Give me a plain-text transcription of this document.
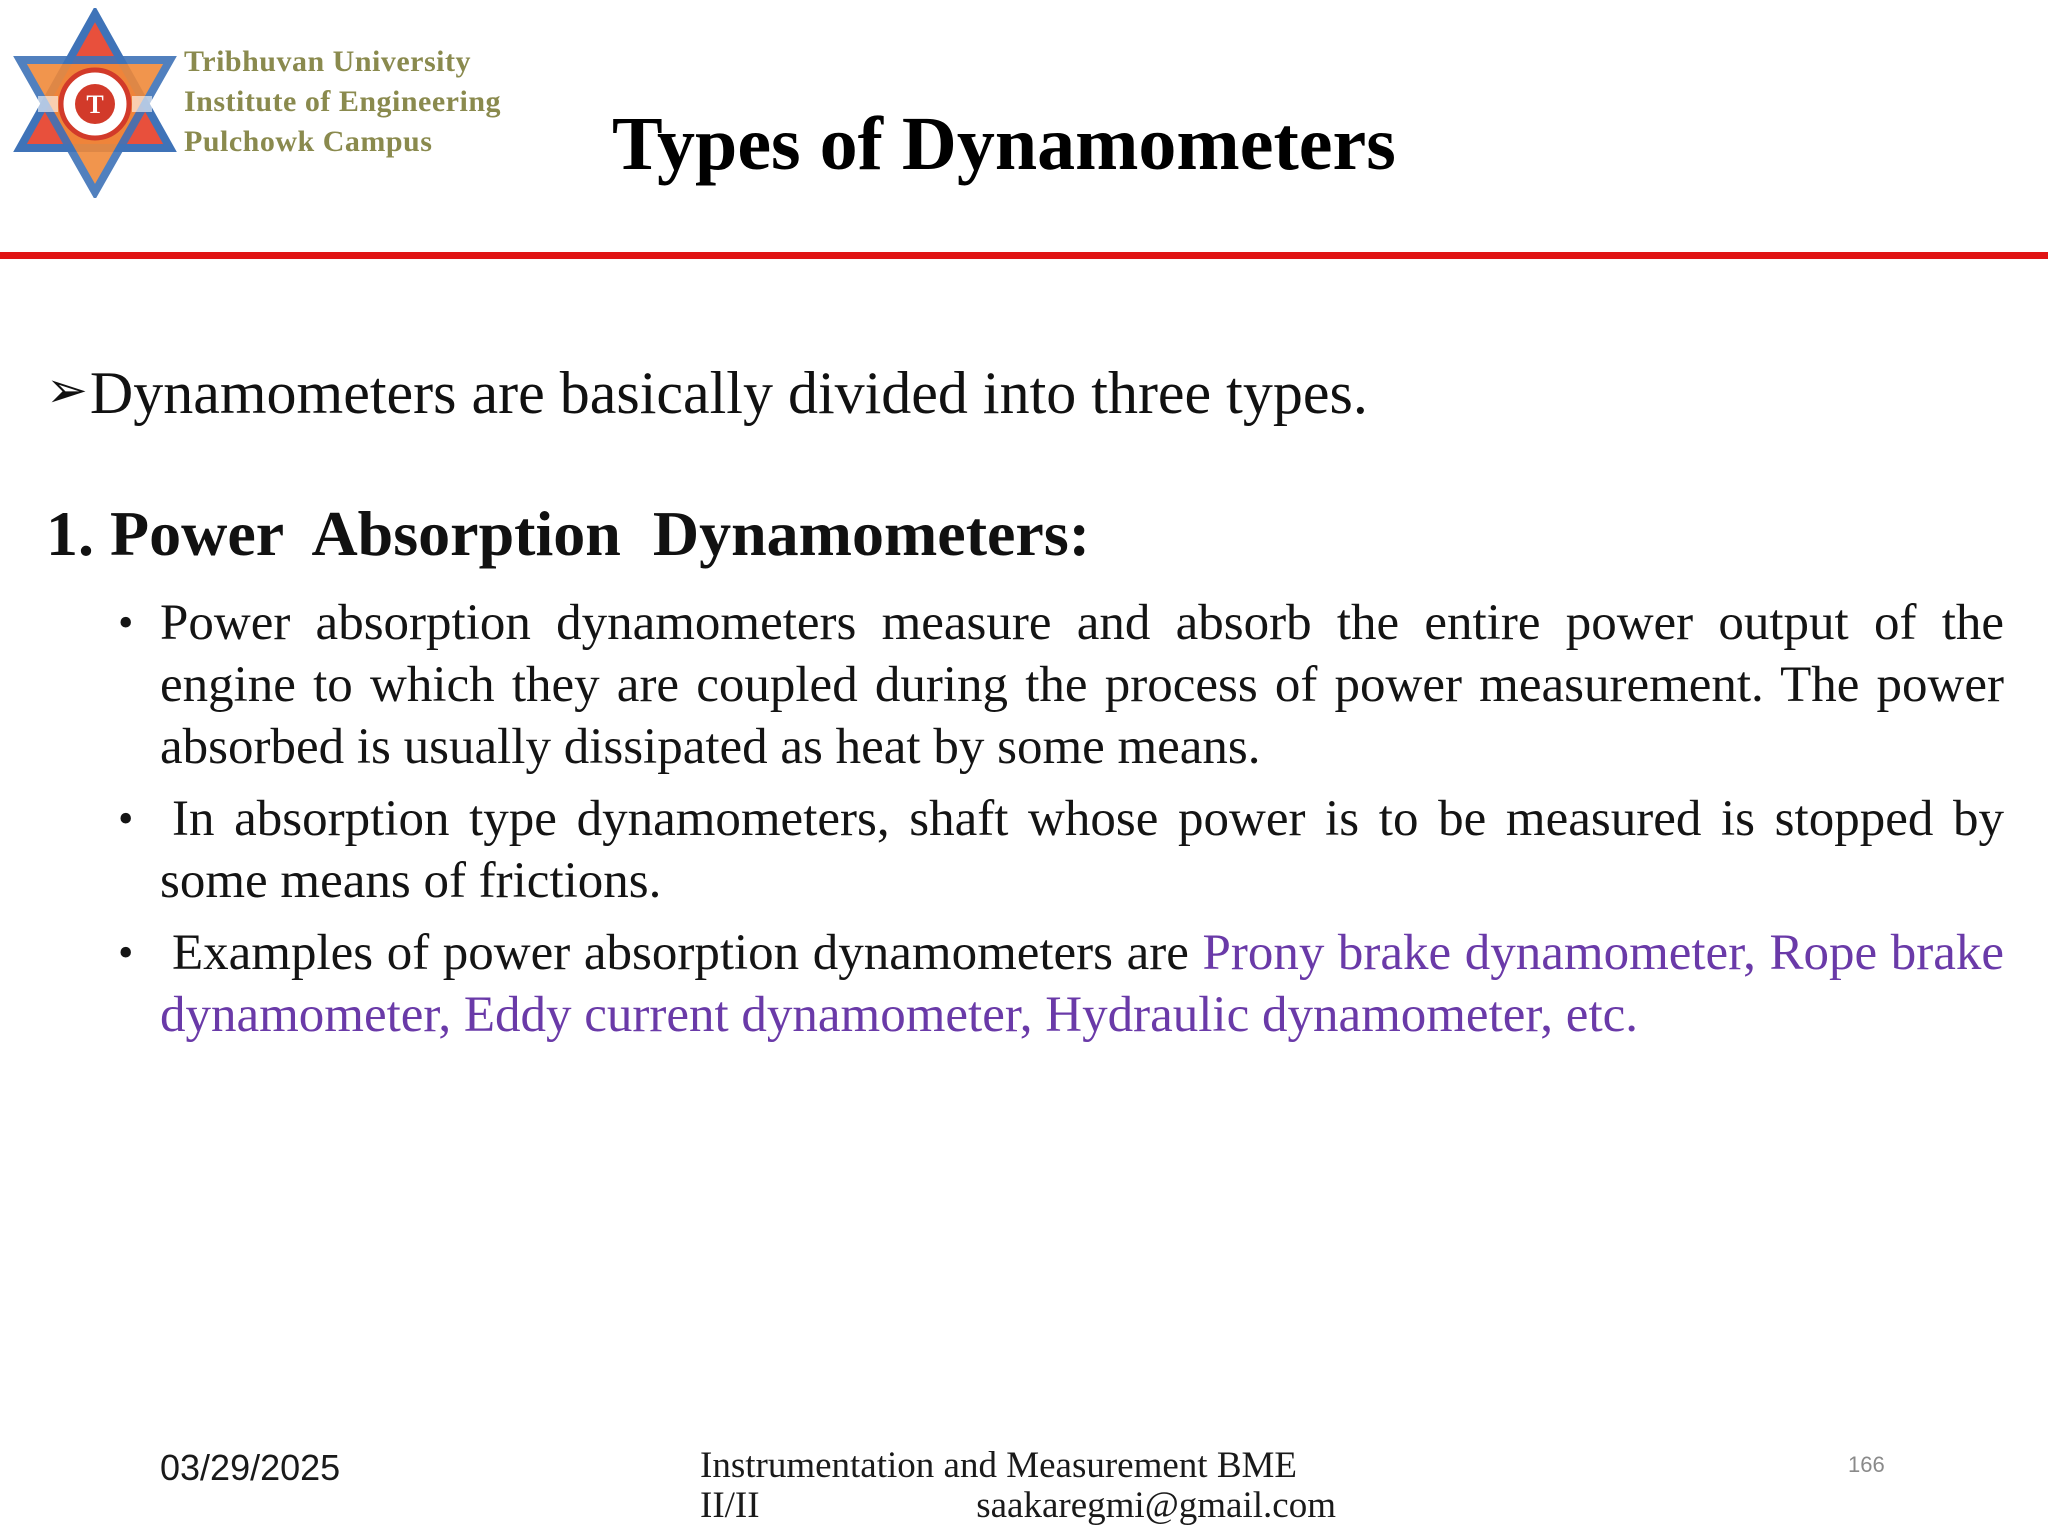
T
Tribhuvan University
Institute of Engineering
Pulchowk Campus	Types of Dynamometers
➢Dynamometers are basically divided into three types.
1. Power  Absorption  Dynamometers:
• Power absorption dynamometers measure and absorb the entire power output of the engine to which they are coupled during the process of power measurement. The power absorbed is usually dissipated as heat by some means.
• In absorption type dynamometers, shaft whose power is to be measured is stopped by some means of frictions.
• Examples of power absorption dynamometers are Prony brake dynamometer, Rope brake dynamometer, Eddy current dynamometer, Hydraulic dynamometer, etc.
03/29/2025	Instrumentation and Measurement BME
II/II	saakaregmi@gmail.com
166
